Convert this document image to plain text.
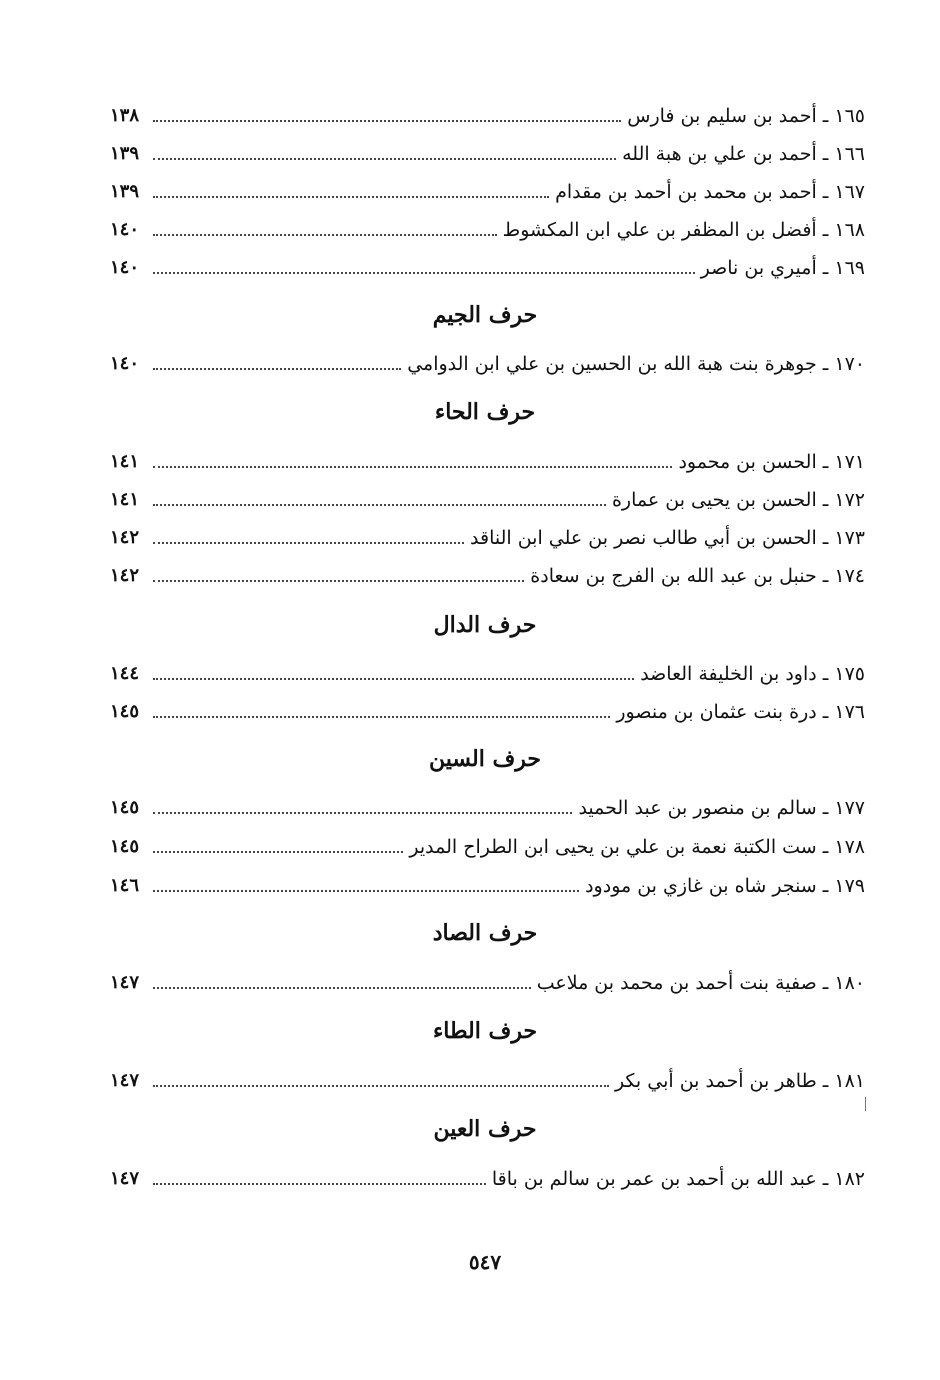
١٦٥ ـ أحمد بن سليم بن فارس
١٣٨
١٦٦ ـ أحمد بن علي بن هبة الله
١٣٩
١٦٧ ـ أحمد بن محمد بن أحمد بن مقدام
١٣٩
١٦٨ ـ أفضل بن المظفر بن علي ابن المكشوط
١٤٠
١٦٩ ـ أميري بن ناصر
١٤٠
حرف الجيم
١٧٠ ـ جوهرة بنت هبة الله بن الحسين بن علي ابن الدوامي
١٤٠
حرف الحاء
١٧١ ـ الحسن بن محمود
١٤١
١٧٢ ـ الحسن بن يحيى بن عمارة
١٤١
١٧٣ ـ الحسن بن أبي طالب نصر بن علي ابن الناقد
١٤٢
١٧٤ ـ حنبل بن عبد الله بن الفرج بن سعادة
١٤٢
حرف الدال
١٧٥ ـ داود بن الخليفة العاضد
١٤٤
١٧٦ ـ درة بنت عثمان بن منصور
١٤٥
حرف السين
١٧٧ ـ سالم بن منصور بن عبد الحميد
١٤٥
١٧٨ ـ ست الكتبة نعمة بن علي بن يحيى ابن الطراح المدير
١٤٥
١٧٩ ـ سنجر شاه بن غازي بن مودود
١٤٦
حرف الصاد
١٨٠ ـ صفية بنت أحمد بن محمد بن ملاعب
١٤٧
حرف الطاء
١٨١ ـ طاهر بن أحمد بن أبي بكر
١٤٧
حرف العين
١٨٢ ـ عبد الله بن أحمد بن عمر بن سالم بن باقا
١٤٧
٥٤٧
